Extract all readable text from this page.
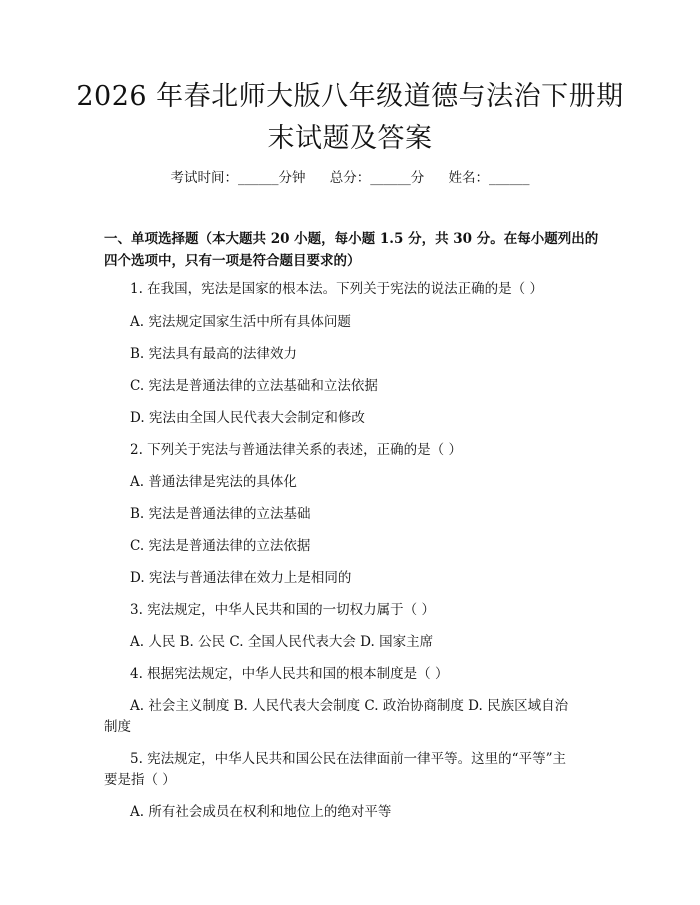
2026 年春北师大版八年级道德与法治下册期
末试题及答案
考试时间：______分钟 总分：______分 姓名：______
一、单项选择题（本大题共 20 小题，每小题 1.5 分，共 30 分。在每小题列出的
四个选项中，只有一项是符合题目要求的）
1. 在我国，宪法是国家的根本法。下列关于宪法的说法正确的是（ ）
A. 宪法规定国家生活中所有具体问题
B. 宪法具有最高的法律效力
C. 宪法是普通法律的立法基础和立法依据
D. 宪法由全国人民代表大会制定和修改
2. 下列关于宪法与普通法律关系的表述，正确的是（ ）
A. 普通法律是宪法的具体化
B. 宪法是普通法律的立法基础
C. 宪法是普通法律的立法依据
D. 宪法与普通法律在效力上是相同的
3. 宪法规定，中华人民共和国的一切权力属于（ ）
A. 人民 B. 公民 C. 全国人民代表大会 D. 国家主席
4. 根据宪法规定，中华人民共和国的根本制度是（ ）
A. 社会主义制度 B. 人民代表大会制度 C. 政治协商制度 D. 民族区域自治
制度
5. 宪法规定，中华人民共和国公民在法律面前一律平等。这里的“平等”主
要是指（ ）
A. 所有社会成员在权利和地位上的绝对平等
